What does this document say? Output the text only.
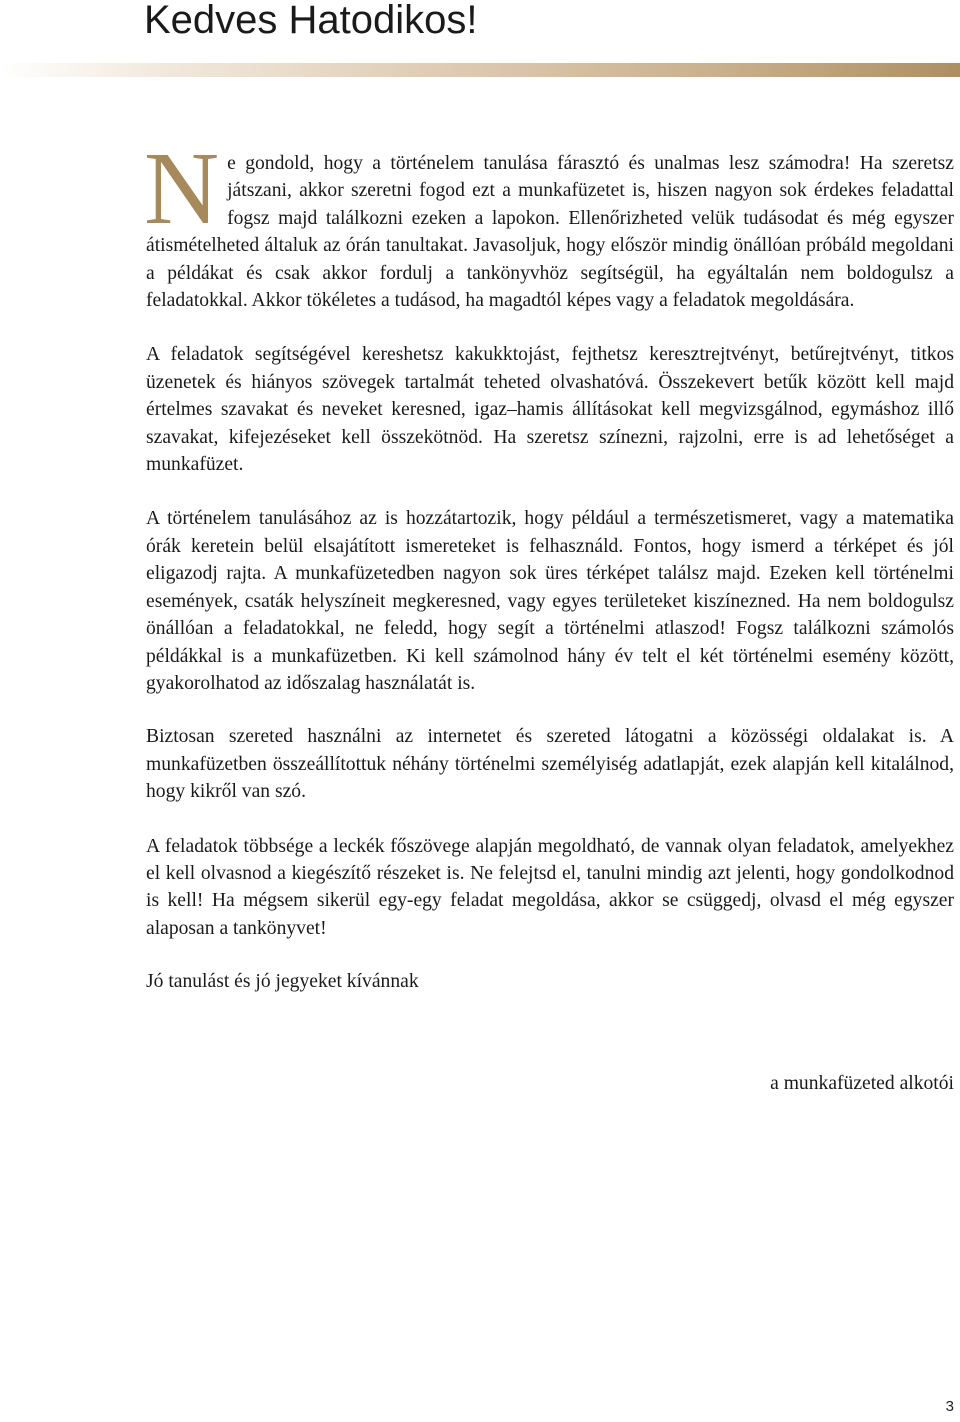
Kedves Hatodikos!
N e gondold, hogy a történelem tanulása fárasztó és unalmas lesz számodra! Ha szeretsz játszani, akkor szeretni fogod ezt a munkafüzetet is, hiszen nagyon sok érdekes feladattal fogsz majd találkozni ezeken a lapokon. Ellenőrizheted velük tudásodat és még egyszer átismételheted általuk az órán tanultakat. Javasoljuk, hogy először mindig önállóan próbáld megoldani a példákat és csak akkor fordulj a tankönyvhöz segítségül, ha egyáltalán nem boldogulsz a feladatokkal. Akkor tökéletes a tudásod, ha magadtól képes vagy a feladatok megoldására.

A feladatok segítségével kereshetsz kakukktojást, fejthetsz keresztrejtvényt, betűrejtvényt, titkos üzenetek és hiányos szövegek tartalmát teheted olvashatóvá. Összekevert betűk között kell majd értelmes szavakat és neveket keresned, igaz–hamis állításokat kell megvizsgálnod, egymáshoz illő szavakat, kifejezéseket kell összekötnöd. Ha szeretsz színezni, rajzolni, erre is ad lehetőséget a munkafüzet.

A történelem tanulásához az is hozzátartozik, hogy például a természetismeret, vagy a matematika órák keretein belül elsajátított ismereteket is felhasználd. Fontos, hogy ismerd a térképet és jól eligazodj rajta. A munkafüzetedben nagyon sok üres térképet találsz majd. Ezeken kell történelmi események, csaták helyszíneit megkeresned, vagy egyes területeket kiszínezned. Ha nem boldogulsz önállóan a feladatokkal, ne feledd, hogy segít a történelmi atlaszod! Fogsz találkozni számolós példákkal is a munkafüzetben. Ki kell számolnod hány év telt el két történelmi esemény között, gyakorolhatod az időszalag használatát is.

Biztosan szereted használni az internetet és szereted látogatni a közösségi oldalakat is. A munkafüzetben összeállítottuk néhány történelmi személyiség adatlapját, ezek alapján kell kitalálnod, hogy kikről van szó.

A feladatok többsége a leckék főszövege alapján megoldható, de vannak olyan feladatok, amelyekhez el kell olvasnod a kiegészítő részeket is. Ne felejtsd el, tanulni mindig azt jelenti, hogy gondolkodnod is kell! Ha mégsem sikerül egy-egy feladat megoldása, akkor se csüggedj, olvasd el még egyszer alaposan a tankönyvet!

Jó tanulást és jó jegyeket kívánnak

a munkafüzeted alkotói
3
